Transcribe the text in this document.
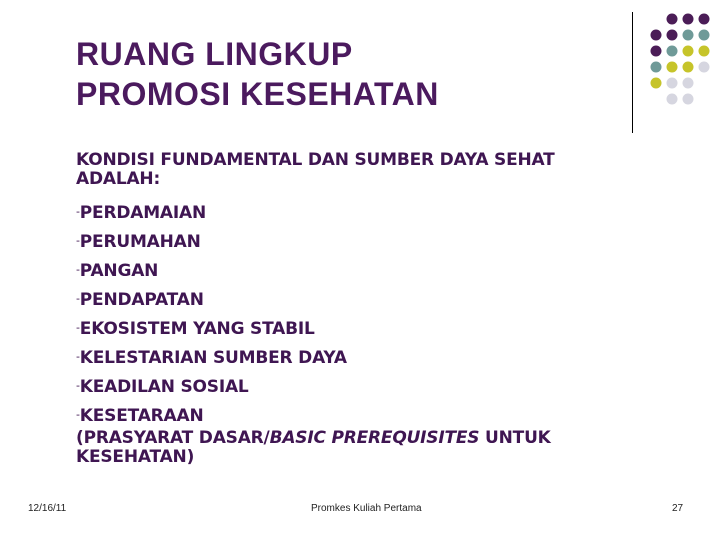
RUANG LINGKUP
PROMOSI KESEHATAN
KONDISI FUNDAMENTAL DAN SUMBER DAYA SEHAT ADALAH:
-PERDAMAIAN
-PERUMAHAN
-PANGAN
-PENDAPATAN
-EKOSISTEM YANG STABIL
-KELESTARIAN SUMBER DAYA
-KEADILAN SOSIAL
-KESETARAAN
(PRASYARAT DASAR/BASIC PREREQUISITES UNTUK KESEHATAN)
12/16/11	Promkes Kuliah Pertama	27
